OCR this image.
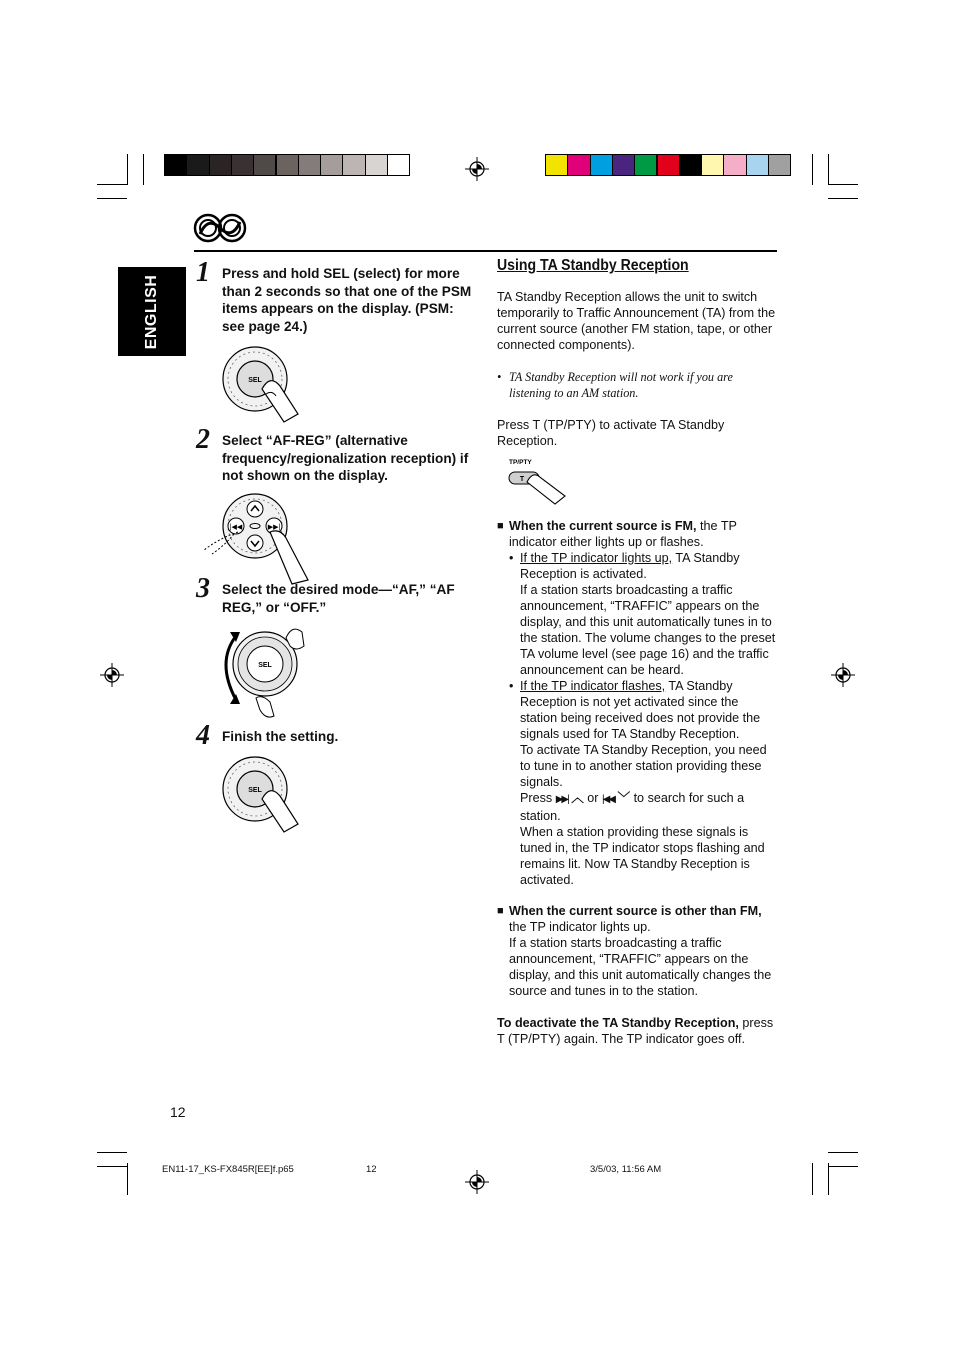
ENGLISH
1 Press and hold SEL (select) for more than 2 seconds so that one of the PSM items appears on the display. (PSM: see page 24.)
SEL
2 Select “AF-REG” (alternative frequency/regionalization reception) if not shown on the display.
|◀◀	▶▶|
3 Select the desired mode—“AF,” “AF REG,” or “OFF.”
SEL
4 Finish the setting.
SEL
Using TA Standby Reception
TA Standby Reception allows the unit to switch temporarily to Traffic Announcement (TA) from the current source (another FM station, tape, or other connected components).
• TA Standby Reception will not work if you are listening to an AM station.
Press T (TP/PTY) to activate TA Standby Reception.
TP/PTY
T
■ When the current source is FM, the TP indicator either lights up or flashes.
• If the TP indicator lights up, TA Standby Reception is activated.
If a station starts broadcasting a traffic announcement, “TRAFFIC” appears on the display, and this unit automatically tunes in to the station. The volume changes to the preset TA volume level (see page 16) and the traffic announcement can be heard.
• If the TP indicator flashes, TA Standby Reception is not yet activated since the station being received does not provide the signals used for TA Standby Reception.
To activate TA Standby Reception, you need to tune in to another station providing these signals.
Press ▶▶| ︿ or |◀◀ ﹀ to search for such a station.
When a station providing these signals is tuned in, the TP indicator stops flashing and remains lit. Now TA Standby Reception is activated.
■ When the current source is other than FM, the TP indicator lights up.
If a station starts broadcasting a traffic announcement, “TRAFFIC” appears on the display, and this unit automatically changes the source and tunes in to the station.
To deactivate the TA Standby Reception, press T (TP/PTY) again. The TP indicator goes off.
12
EN11-17_KS-FX845R[EE]f.p65	12	3/5/03, 11:56 AM
